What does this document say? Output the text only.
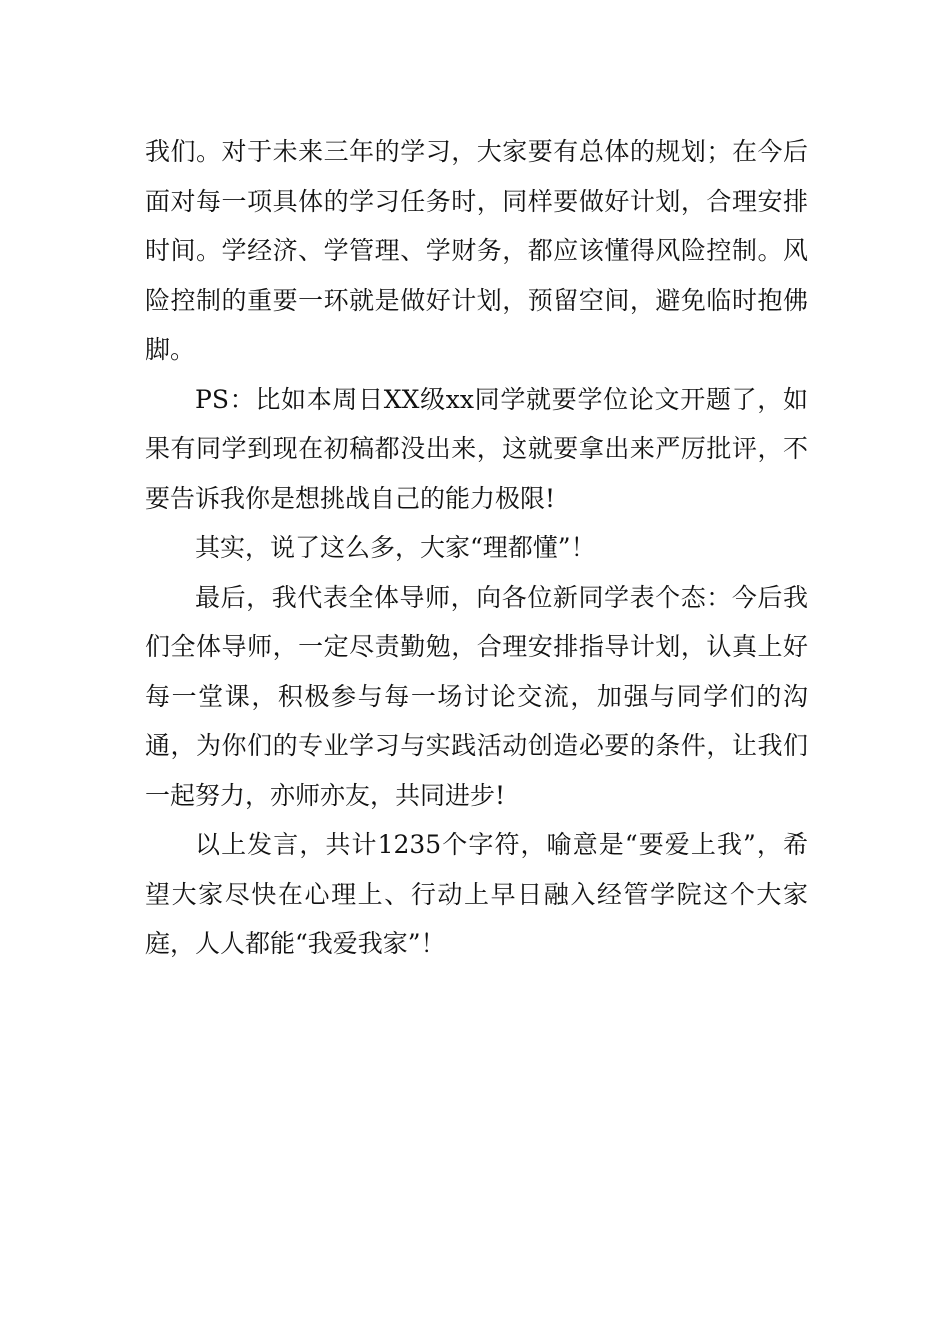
我们。对于未来三年的学习，大家要有总体的规划；在今后面对每一项具体的学习任务时，同样要做好计划，合理安排时间。学经济、学管理、学财务，都应该懂得风险控制。风险控制的重要一环就是做好计划，预留空间，避免临时抱佛脚。

PS：比如本周日XX级xx同学就要学位论文开题了，如果有同学到现在初稿都没出来，这就要拿出来严厉批评，不要告诉我你是想挑战自己的能力极限!

其实，说了这么多，大家“理都懂”！

最后，我代表全体导师，向各位新同学表个态：今后我们全体导师，一定尽责勤勉，合理安排指导计划，认真上好每一堂课，积极参与每一场讨论交流，加强与同学们的沟通，为你们的专业学习与实践活动创造必要的条件，让我们一起努力，亦师亦友，共同进步!

以上发言，共计1235个字符，喻意是“要爱上我”，希望大家尽快在心理上、行动上早日融入经管学院这个大家庭，人人都能“我爱我家”！
